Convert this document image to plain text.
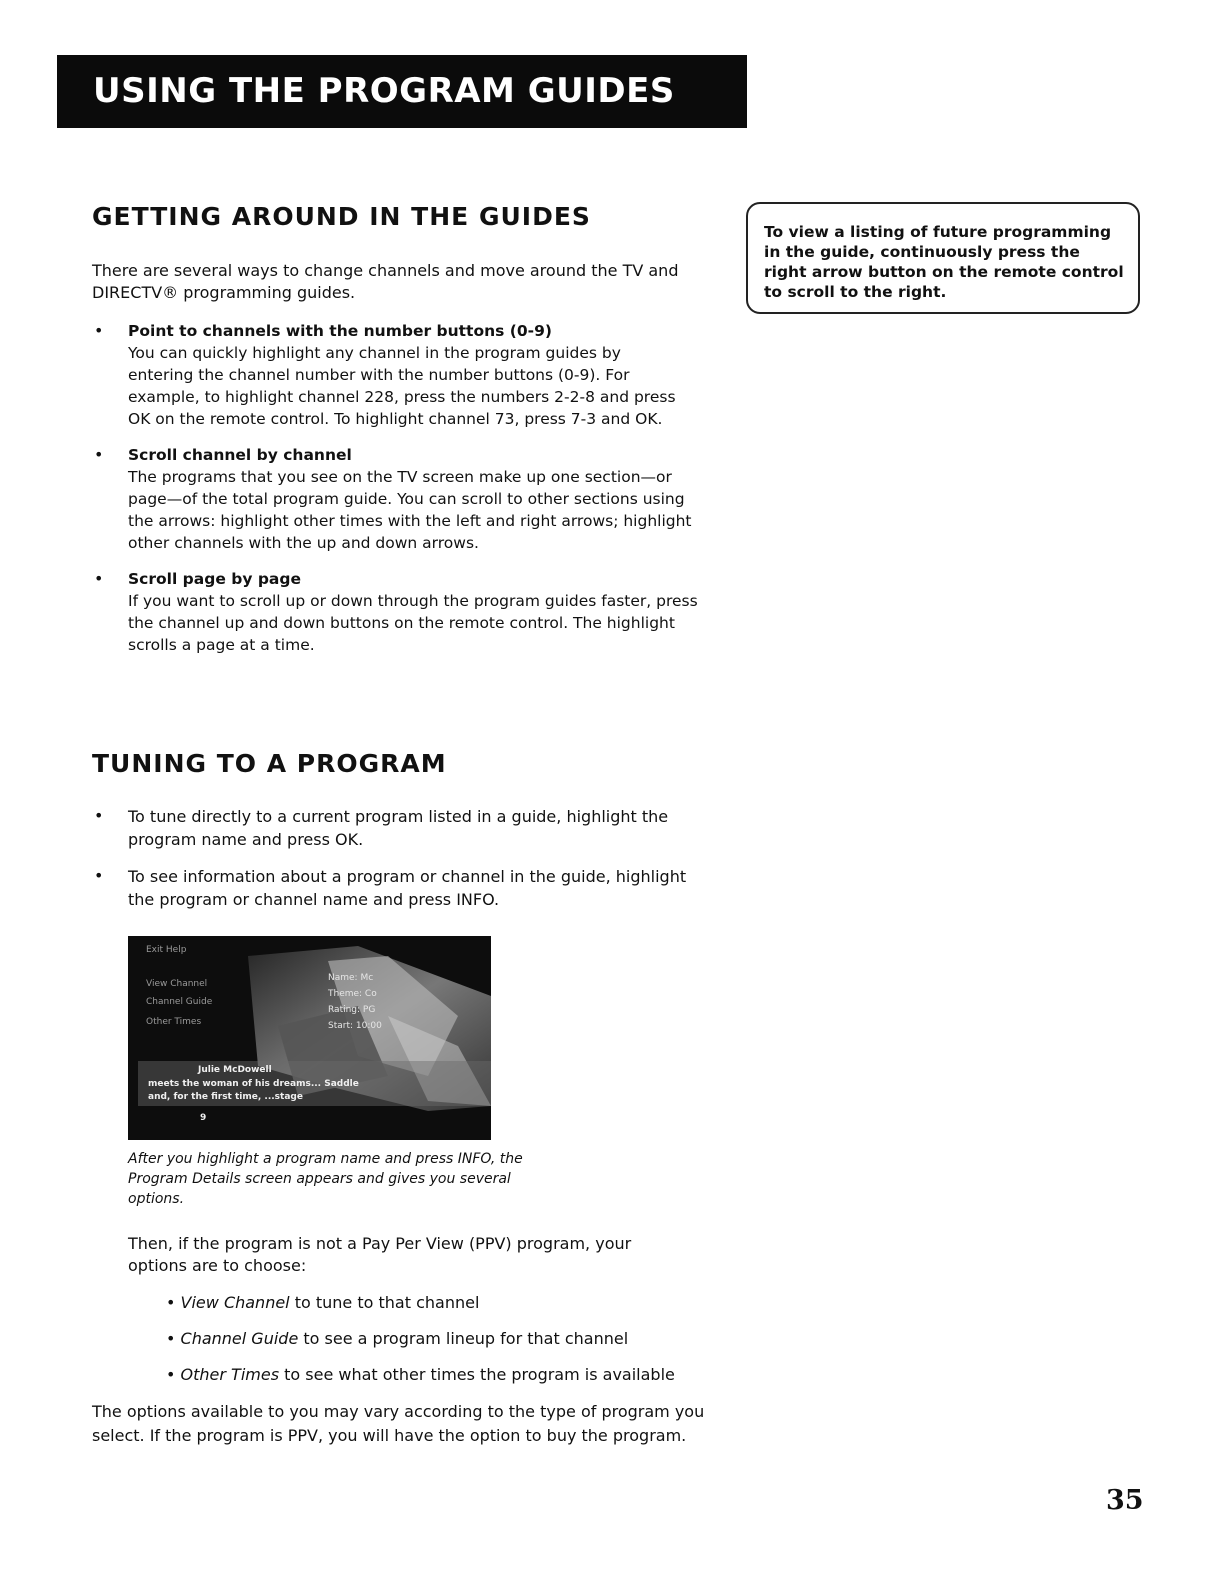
USING THE PROGRAM GUIDES
GETTING AROUND IN THE GUIDES

There are several ways to change channels and move around the TV and DIRECTV® programming guides.

• Point to channels with the number buttons (0-9)
You can quickly highlight any channel in the program guides by entering the channel number with the number buttons (0-9). For example, to highlight channel 228, press the numbers 2-2-8 and press OK on the remote control. To highlight channel 73, press 7-3 and OK.
• Scroll channel by channel
The programs that you see on the TV screen make up one section—or page—of the total program guide. You can scroll to other sections using the arrows: highlight other times with the left and right arrows; highlight other channels with the up and down arrows.
• Scroll page by page
If you want to scroll up or down through the program guides faster, press the channel up and down buttons on the remote control. The highlight scrolls a page at a time.
To view a listing of future programming in the guide, continuously press the right arrow button on the remote control to scroll to the right.
TUNING TO A PROGRAM
• To tune directly to a current program listed in a guide, highlight the program name and press OK.
• To see information about a program or channel in the guide, highlight the program or channel name and press INFO.
Exit Help
View Channel
Channel Guide
Other Times
Name: Mc
Theme: Co
Rating: PG
Start: 10:00
Julie McDowell
meets the woman of his dreams... Saddle
and, for the first time, ...stage
9
After you highlight a program name and press INFO, the Program Details screen appears and gives you several options.

Then, if the program is not a Pay Per View (PPV) program, your options are to choose:

• View Channel to tune to that channel
• Channel Guide to see a program lineup for that channel
• Other Times to see what other times the program is available

The options available to you may vary according to the type of program you select. If the program is PPV, you will have the option to buy the program.

35
